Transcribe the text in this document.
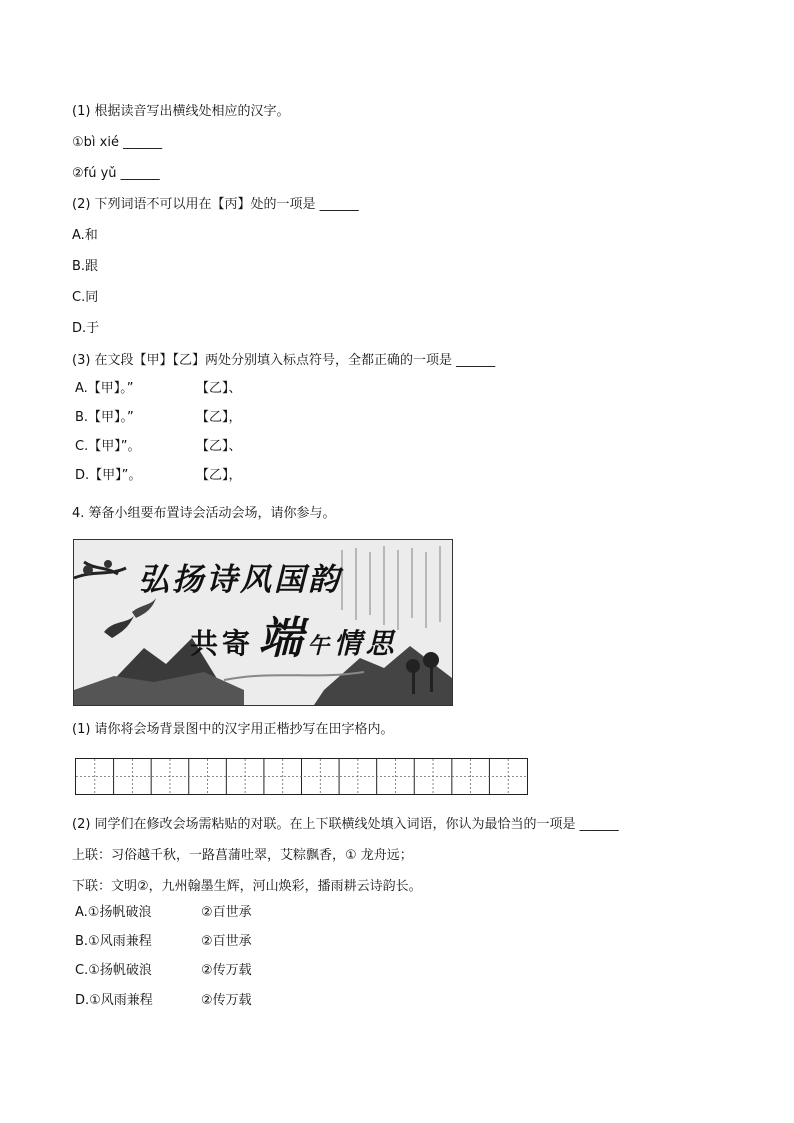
(1) 根据读音写出横线处相应的汉字。
①bì xié ______
②fú yǔ ______
(2) 下列词语不可以用在【丙】处的一项是 ______
A.和
B.跟
C.同
D.于
(3) 在文段【甲】【乙】两处分别填入标点符号，全都正确的一项是 ______
A.【甲】。”	【乙】、
B.【甲】。”	【乙】，
C.【甲】”。	【乙】、
D.【甲】”。	【乙】，
4. 筹备小组要布置诗会活动会场，请你参与。
弘扬诗风国韵
共寄 端 午 情思
(1) 请你将会场背景图中的汉字用正楷抄写在田字格内。
(2) 同学们在修改会场需粘贴的对联。在上下联横线处填入词语，你认为最恰当的一项是 ______
上联：习俗越千秋，一路菖蒲吐翠，艾粽飘香，① 龙舟远；
下联：文明②，九州翰墨生辉，河山焕彩，播雨耕云诗韵长。
A.①扬帆破浪	②百世承
B.①风雨兼程	②百世承
C.①扬帆破浪	②传万载
D.①风雨兼程	②传万载
